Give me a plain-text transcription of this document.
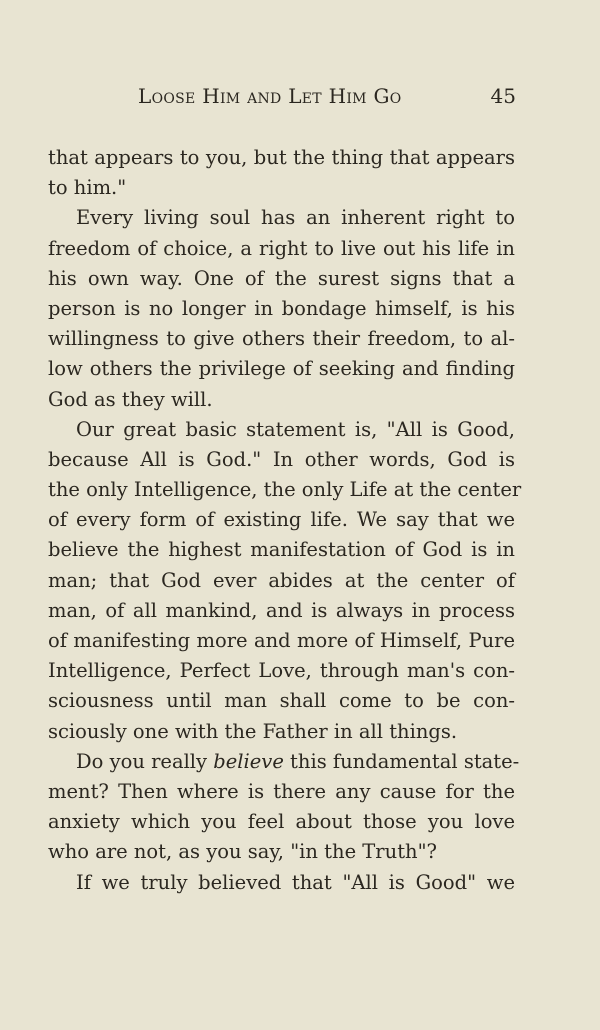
Loose Him and Let Him Go	45
that appears to you, but the thing that appears
to him."
Every living soul has an inherent right to
freedom of choice, a right to live out his life in
his own way. One of the surest signs that a
person is no longer in bondage himself, is his
willingness to give others their freedom, to al-
low others the privilege of seeking and finding
God as they will.
Our great basic statement is, "All is Good,
because All is God." In other words, God is
the only Intelligence, the only Life at the center
of every form of existing life. We say that we
believe the highest manifestation of God is in
man; that God ever abides at the center of
man, of all mankind, and is always in process
of manifesting more and more of Himself, Pure
Intelligence, Perfect Love, through man's con-
sciousness until man shall come to be con-
sciously one with the Father in all things.
Do you really believe this fundamental state-
ment? Then where is there any cause for the
anxiety which you feel about those you love
who are not, as you say, "in the Truth"?
If we truly believed that "All is Good" we
